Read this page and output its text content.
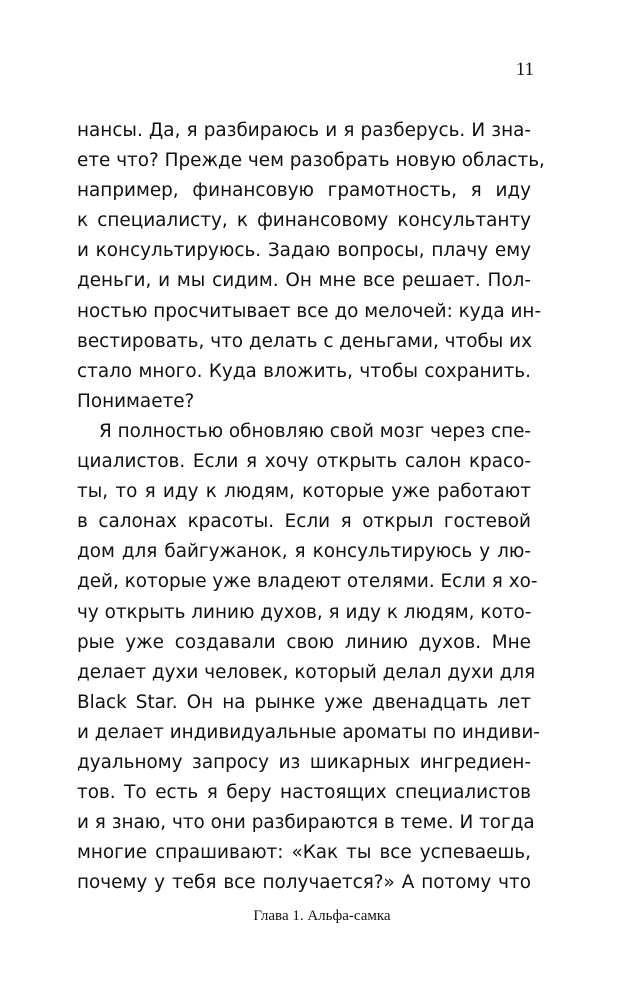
11
нансы. Да, я разбираюсь и я разберусь. И зна-
ете что? Прежде чем разобрать новую область,
например, финансовую грамотность, я иду
к специалисту, к финансовому консультанту
и консультируюсь. Задаю вопросы, плачу ему
деньги, и мы сидим. Он мне все решает. Пол-
ностью просчитывает все до мелочей: куда ин-
вестировать, что делать с деньгами, чтобы их
стало много. Куда вложить, чтобы сохранить.
Понимаете?
Я полностью обновляю свой мозг через спе-
циалистов. Если я хочу открыть салон красо-
ты, то я иду к людям, которые уже работают
в салонах красоты. Если я открыл гостевой
дом для байгужанок, я консультируюсь у лю-
дей, которые уже владеют отелями. Если я хо-
чу открыть линию духов, я иду к людям, кото-
рые уже создавали свою линию духов. Мне
делает духи человек, который делал духи для
Black Star. Он на рынке уже двенадцать лет
и делает индивидуальные ароматы по индиви-
дуальному запросу из шикарных ингредиен-
тов. То есть я беру настоящих специалистов
и я знаю, что они разбираются в теме. И тогда
многие спрашивают: «Как ты все успеваешь,
почему у тебя все получается?» А потому что
Глава 1. Альфа-самка
